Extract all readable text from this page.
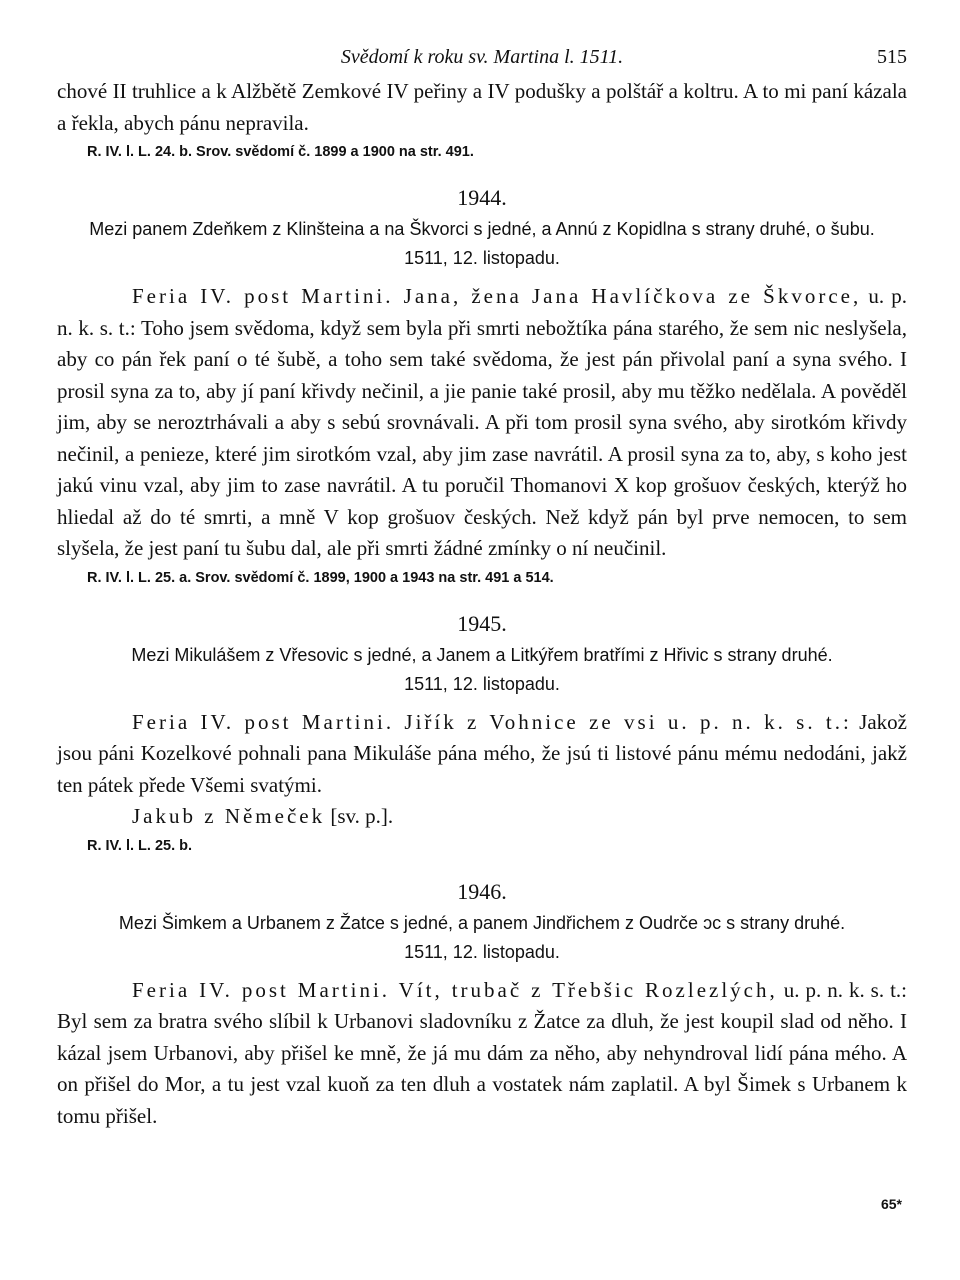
Svědomí k roku sv. Martina l. 1511.	515

chové II truhlice a k Alžbětě Zemkové IV peřiny a IV podušky a polštář a koltru. A to mi paní kázala a řekla, abych pánu nepravila.

R. IV. l. L. 24. b. Srov. svědomí č. 1899 a 1900 na str. 491.

1944.
Mezi panem Zdeňkem z Klinšteina a na Škvorci s jedné, a Annú z Kopidlna s strany druhé, o šubu.
1511, 12. listopadu.

Feria IV. post Martini. Jana, žena Jana Havlíčkova ze Škvorce, u. p. n. k. s. t.: Toho jsem svědoma, když sem byla při smrti nebožtíka pána starého, že sem nic neslyšela, aby co pán řek paní o té šubě, a toho sem také svědoma, že jest pán přivolal paní a syna svého. I prosil syna za to, aby jí paní křivdy nečinil, a jie panie také prosil, aby mu těžko nedělala. A pověděl jim, aby se neroztrhávali a aby s sebú srovnávali. A při tom prosil syna svého, aby sirotkóm křivdy nečinil, a penieze, které jim sirotkóm vzal, aby jim zase navrátil. A prosil syna za to, aby, s koho jest jakú vinu vzal, aby jim to zase navrátil. A tu poručil Thomanovi X kop grošuov českých, kterýž ho hliedal až do té smrti, a mně V kop grošuov českých. Než když pán byl prve nemocen, to sem slyšela, že jest paní tu šubu dal, ale při smrti žádné zmínky o ní neučinil.

R. IV. l. L. 25. a. Srov. svědomí č. 1899, 1900 a 1943 na str. 491 a 514.

1945.
Mezi Mikulášem z Vřesovic s jedné, a Janem a Litkýřem bratřími z Hřivic s strany druhé.
1511, 12. listopadu.

Feria IV. post Martini. Jiřík z Vohnice ze vsi u. p. n. k. s. t.: Jakož jsou páni Kozelkové pohnali pana Mikuláše pána mého, že jsú ti listové pánu mému nedodáni, jakž ten pátek přede Všemi svatými.

Jakub z Němeček [sv. p.].

R. IV. l. L. 25. b.

1946.
Mezi Šimkem a Urbanem z Žatce s jedné, a panem Jindřichem z Oudrče ɔc s strany druhé.
1511, 12. listopadu.

Feria IV. post Martini. Vít, trubač z Třebšic Rozlezlých, u. p. n. k. s. t.: Byl sem za bratra svého slíbil k Urbanovi sladovníku z Žatce za dluh, že jest koupil slad od něho. I kázal jsem Urbanovi, aby přišel ke mně, že já mu dám za něho, aby nehyndroval lidí pána mého. A on přišel do Mor, a tu jest vzal kuoň za ten dluh a vostatek nám zaplatil. A byl Šimek s Urbanem k tomu přišel.

65*
